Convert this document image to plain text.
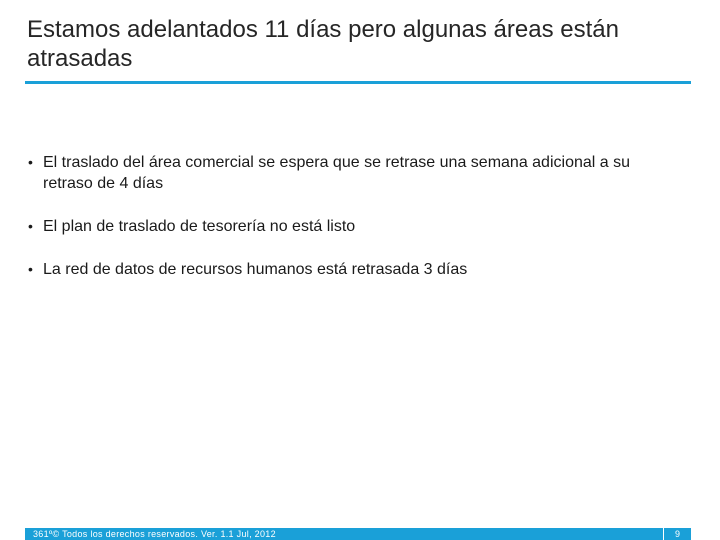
Estamos adelantados 11 días pero algunas áreas están atrasadas
• El traslado del área comercial se espera que se retrase una semana adicional a su retraso de 4 días
• El plan de traslado de tesorería no está listo
• La red de datos de recursos humanos está retrasada 3 días
361º© Todos los derechos reservados. Ver. 1.1 Jul, 2012	9
